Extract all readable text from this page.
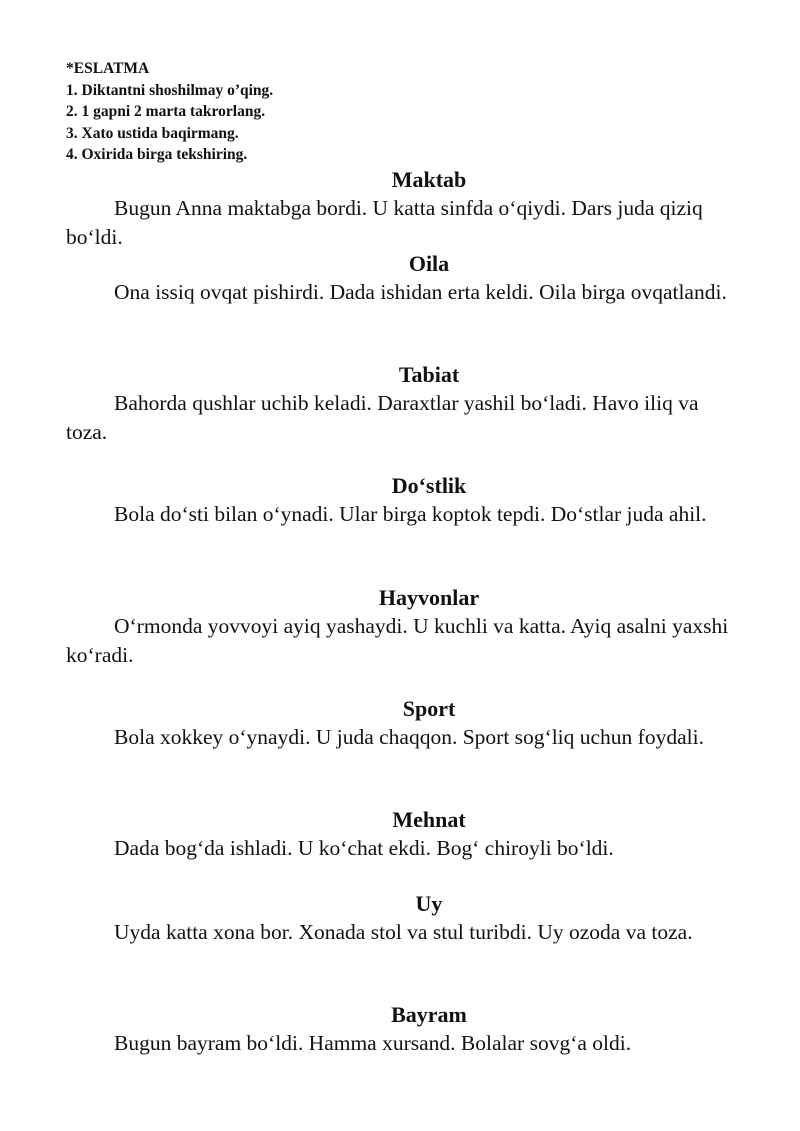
*ESLATMA
1. Diktantni shoshilmay o’qing.
2. 1 gapni 2 marta takrorlang.
3. Xato ustida baqirmang.
4. Oxirida birga tekshiring.
Maktab

Bugun Anna maktabga bordi. U katta sinfda o‘qiydi. Dars juda qiziq bo‘ldi.

Oila

Ona issiq ovqat pishirdi. Dada ishidan erta keldi. Oila birga ovqatlandi.

Tabiat

Bahorda qushlar uchib keladi. Daraxtlar yashil bo‘ladi. Havo iliq va toza.

Do‘stlik

Bola do‘sti bilan o‘ynadi. Ular birga koptok tepdi. Do‘stlar juda ahil.

Hayvonlar

O‘rmonda yovvoyi ayiq yashaydi. U kuchli va katta. Ayiq asalni yaxshi ko‘radi.

Sport

Bola xokkey o‘ynaydi. U juda chaqqon. Sport sog‘liq uchun foydali.

Mehnat

Dada bog‘da ishladi. U ko‘chat ekdi. Bog‘ chiroyli bo‘ldi.

Uy

Uyda katta xona bor. Xonada stol va stul turibdi. Uy ozoda va toza.

Bayram

Bugun bayram bo‘ldi. Hamma xursand. Bolalar sovg‘a oldi.
